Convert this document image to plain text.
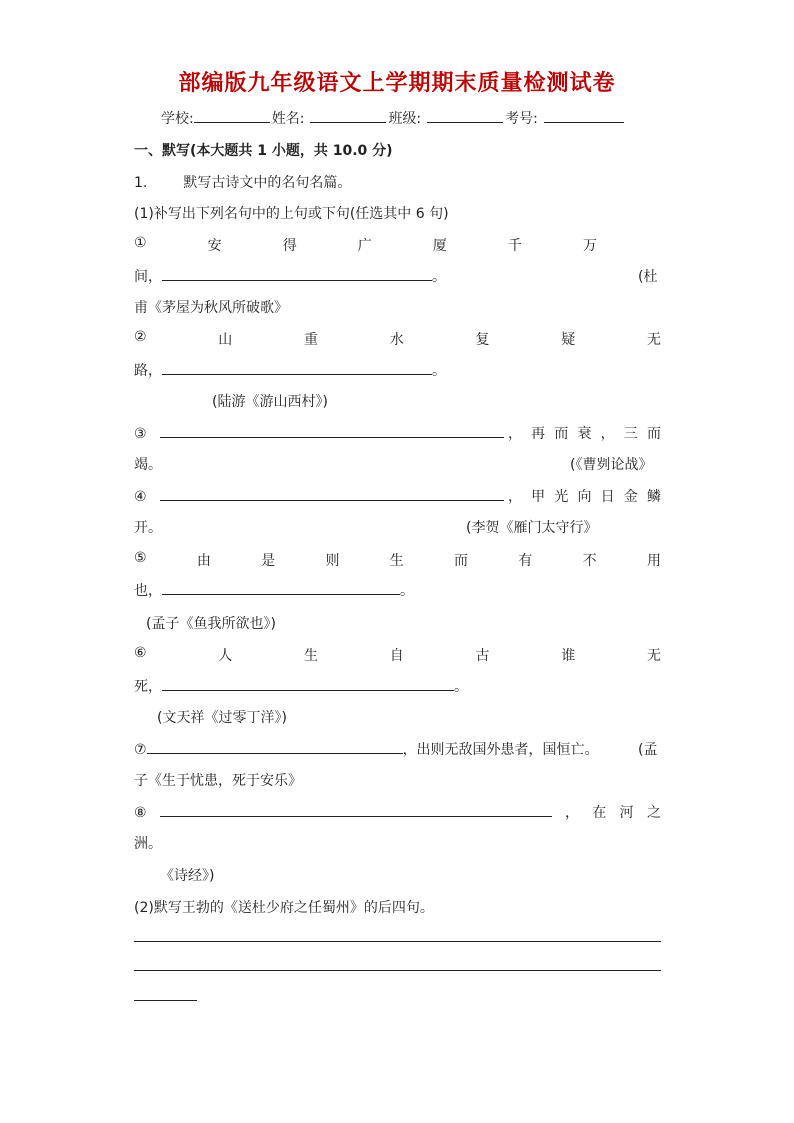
部编版九年级语文上学期期末质量检测试卷
学校:	姓名:	班级:	考号:
一、默写(本大题共 1 小题，共 10.0 分)
1.	默写古诗文中的名句名篇。
(1)补写出下列名句中的上句或下句(任选其中 6 句)
①	安	得	广	厦	千	万
间，	。	(杜
甫《茅屋为秋风所破歌》
②	山	重	水	复	疑	无
路，	。
(陆游《游山西村》)
③	， 再 而 衰 ， 三 而
竭。	(《曹刿论战》
④	， 甲 光 向 日 金 鳞
开。	(李贺《雁门太守行》
⑤	由	是	则	生	而	有	不	用
也，	。
(孟子《鱼我所欲也》)
⑥	人	生	自	古	谁	无
死，	。
(文天祥《过零丁洋》)
⑦	，出则无敌国外患者，国恒亡。	(孟
子《生于忧患，死于安乐》
⑧	， 在 河 之
洲。
《诗经》)
(2)默写王勃的《送杜少府之任蜀州》的后四句。
